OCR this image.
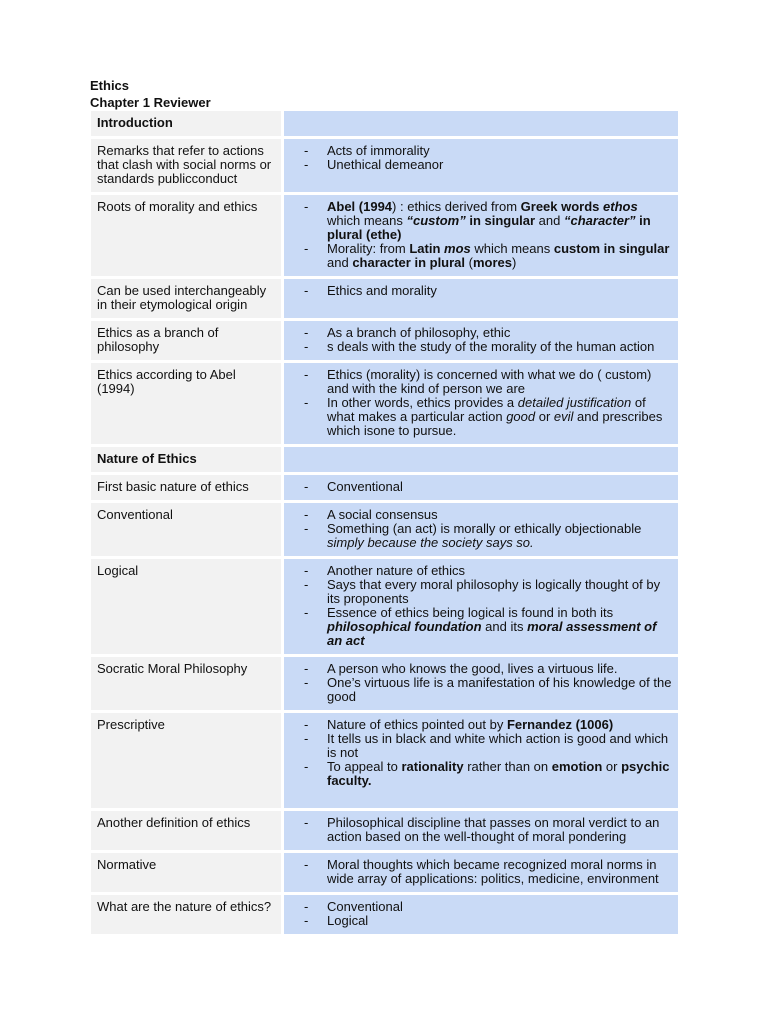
Ethics
Chapter 1 Reviewer
Introduction
Remarks that refer to actions that clash with social norms or standards publicconduct
-	Acts of immorality
-	Unethical demeanor
Roots of morality and ethics	-	Abel (1994) : ethics derived from Greek words ethos which means “custom” in singular and “character” in plural (ethe)
-	Morality: from Latin mos which means custom in singular and character in plural (mores)
Can be used interchangeably in their etymological origin
-	Ethics and morality
Ethics as a branch of philosophy
-	As a branch of philosophy, ethic
-	s deals with the study of the morality of the human action
Ethics according to Abel (1994)
-	Ethics (morality) is concerned with what we do ( custom) and with the kind of person we are
-	In other words, ethics provides a detailed justification of what makes a particular action good or evil and prescribes which isone to pursue.
Nature of Ethics
First basic nature of ethics	-	Conventional
Conventional	-	A social consensus
-	Something (an act) is morally or ethically objectionable simply because the society says so.
Logical	-	Another nature of ethics
-	Says that every moral philosophy is logically thought of by its proponents
-	Essence of ethics being logical is found in both its philosophical foundation and its moral assessment of an act
Socratic Moral Philosophy	-	A person who knows the good, lives a virtuous life.
-	One’s virtuous life is a manifestation of his knowledge of the good
Prescriptive	-	Nature of ethics pointed out by Fernandez (1006)
-	It tells us in black and white which action is good and which is not
-	To appeal to rationality rather than on emotion or psychic faculty.
Another definition of ethics	-	Philosophical discipline that passes on moral verdict to an action based on the well-thought of moral pondering
Normative	-	Moral thoughts which became recognized moral norms in wide array of applications: politics, medicine, environment
What are the nature of ethics?	-	Conventional
-	Logical
